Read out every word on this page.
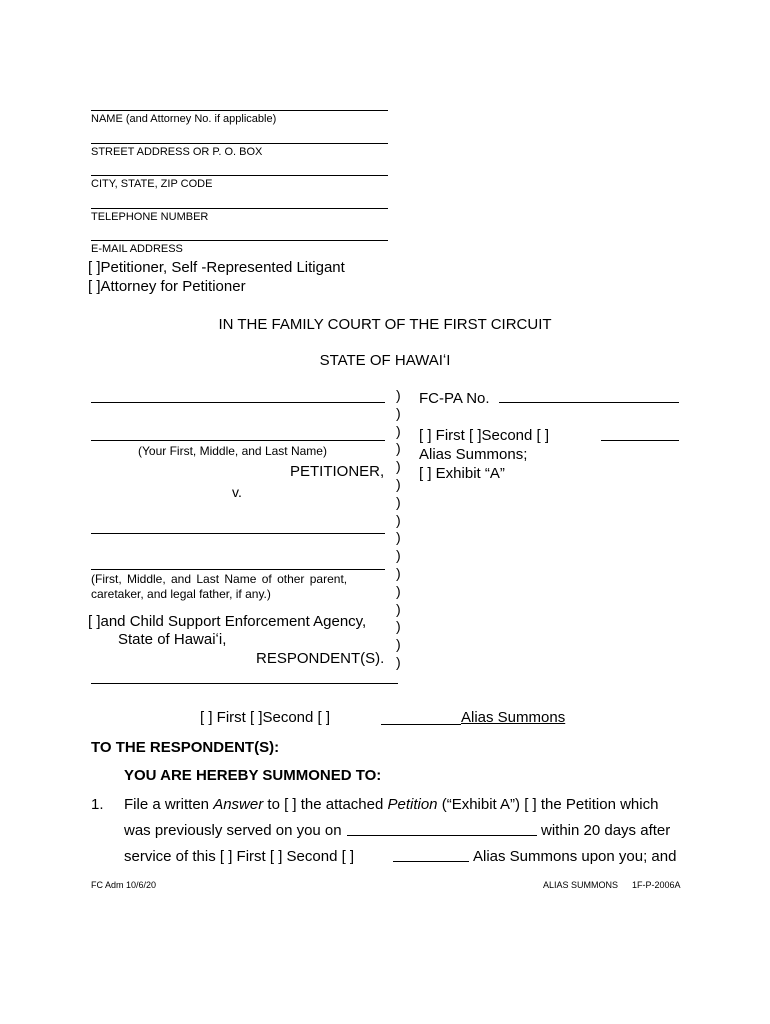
NAME (and Attorney No. if applicable)
STREET ADDRESS OR P. O. BOX
CITY, STATE, ZIP CODE
TELEPHONE NUMBER
E-MAIL ADDRESS
[ ]Petitioner, Self -Represented Litigant
[ ]Attorney for Petitioner
IN THE FAMILY COURT OF THE FIRST CIRCUIT
STATE OF HAWAIʻI
(Your First, Middle, and Last Name)
PETITIONER,
v.
(First, Middle, and Last Name of other parent,
caretaker, and legal father, if any.)
[ ]and Child Support Enforcement Agency,
State of Hawaiʻi,
RESPONDENT(S).
)
)
)
)
)
)
)
)
)
)
)
)
)
)
)
)
FC-PA No.
[ ] First [ ]Second [ ]
Alias Summons;
[ ] Exhibit “A”
[ ] First [ ]Second [ ]	Alias Summons
TO THE RESPONDENT(S):
YOU ARE HEREBY SUMMONED TO:
1. File a written Answer to [ ] the attached Petition (“Exhibit A”) [ ] the Petition which
was previously served on you on	within 20 days after
service of this [ ] First [ ] Second [ ]	Alias Summons upon you; and
FC Adm 10/6/20	ALIAS SUMMONS 1F-P-2006A
